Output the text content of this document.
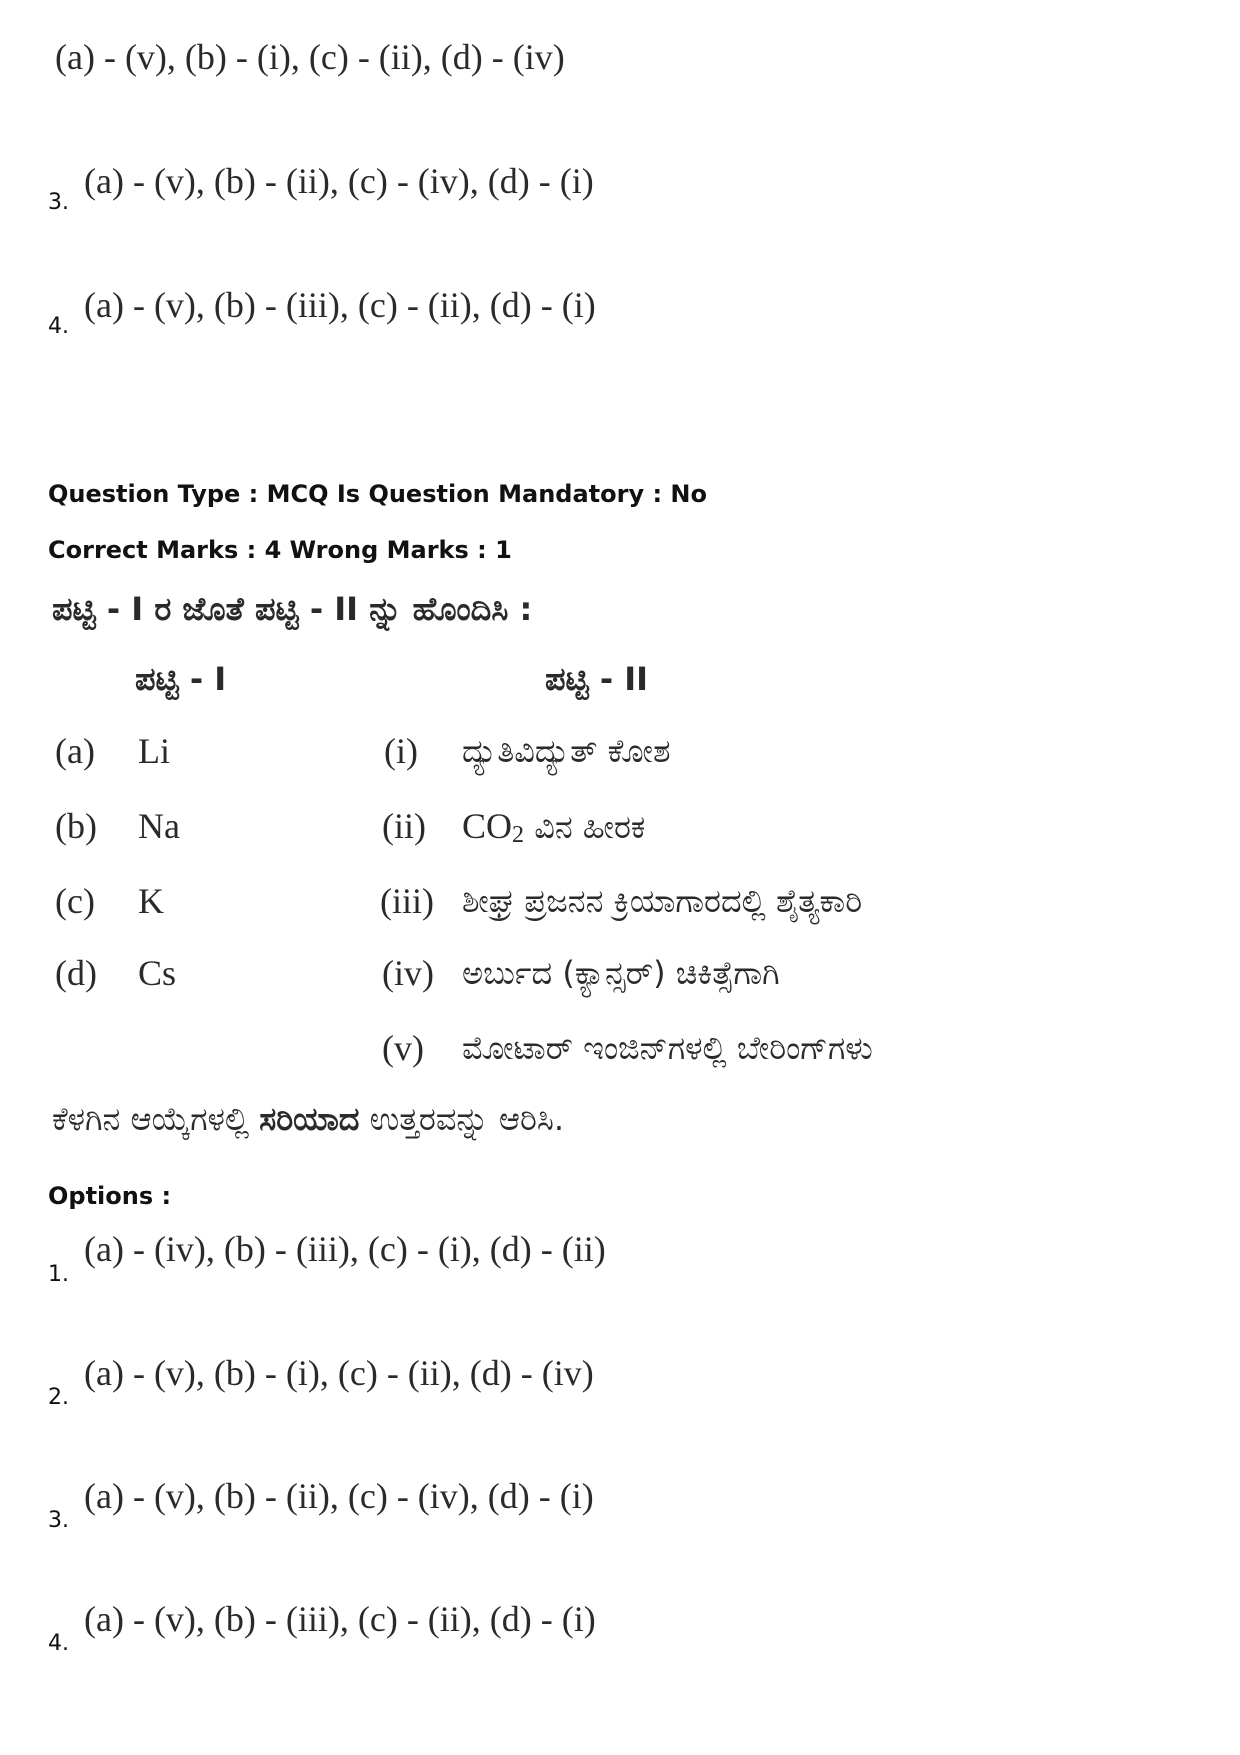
(a) - (v), (b) - (i), (c) - (ii), (d) - (iv)
3.
(a) - (v), (b) - (ii), (c) - (iv), (d) - (i)
4.
(a) - (v), (b) - (iii), (c) - (ii), (d) - (i)
Question Type : MCQ Is Question Mandatory : No
Correct Marks : 4 Wrong Marks : 1
ಪಟ್ಟಿ - I ರ ಜೊತೆ ಪಟ್ಟಿ - II ನ್ನು ಹೊಂದಿಸಿ :
ಪಟ್ಟಿ - I	ಪಟ್ಟಿ - II
(a) Li	(i) ದ್ಯುತಿವಿದ್ಯುತ್ ಕೋಶ
(b) Na	(ii) $CO_2$ ವಿನ ಹೀರಕ
(c) K	(iii) ಶೀಘ್ರ ಪ್ರಜನನ ಕ್ರಿಯಾಗಾರದಲ್ಲಿ ಶೈತ್ಯಕಾರಿ
(d) Cs	(iv) ಅರ್ಬುದ (ಕ್ಯಾನ್ಸರ್) ಚಿಕಿತ್ಸೆಗಾಗಿ
(v) ಮೋಟಾರ್ ಇಂಜಿನ್‌ಗಳಲ್ಲಿ ಬೇರಿಂಗ್‌ಗಳು
ಕೆಳಗಿನ ಆಯ್ಕೆಗಳಲ್ಲಿ ಸರಿಯಾದ ಉತ್ತರವನ್ನು ಆರಿಸಿ.
Options :
1.
(a) - (iv), (b) - (iii), (c) - (i), (d) - (ii)
2.
(a) - (v), (b) - (i), (c) - (ii), (d) - (iv)
3.
(a) - (v), (b) - (ii), (c) - (iv), (d) - (i)
4.
(a) - (v), (b) - (iii), (c) - (ii), (d) - (i)
